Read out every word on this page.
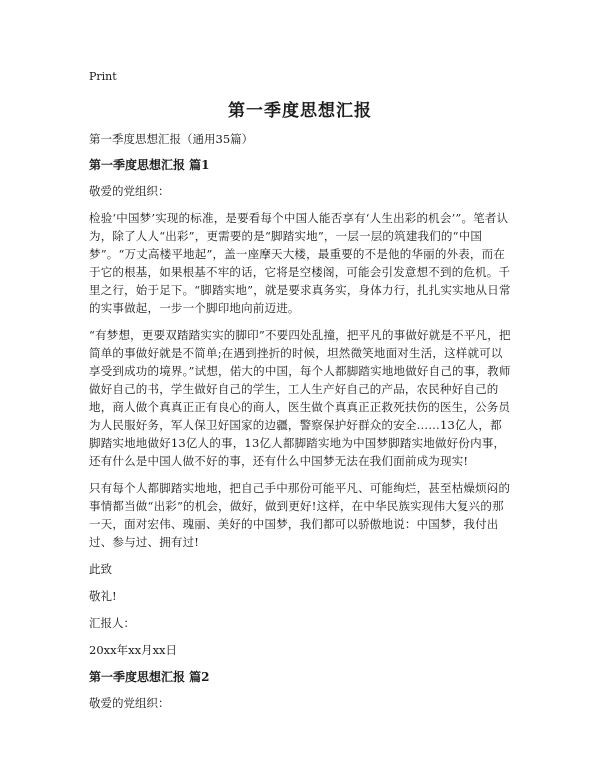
Print
第一季度思想汇报

第一季度思想汇报（通用35篇）

第一季度思想汇报 篇1

敬爱的党组织：

检验‘中国梦’实现的标准，是要看每个中国人能否享有‘人生出彩的机会’”。笔者认为，除了人人“出彩”，更需要的是“脚踏实地”，一层一层的筑建我们的“中国梦”。“万丈高楼平地起”，盖一座摩天大楼，最重要的不是他的华丽的外表，而在于它的根基，如果根基不牢的话，它将是空楼阁，可能会引发意想不到的危机。千里之行，始于足下。“脚踏实地”，就是要求真务实，身体力行，扎扎实实地从日常的实事做起，一步一个脚印地向前迈进。

“有梦想，更要双踏踏实实的脚印”不要四处乱撞，把平凡的事做好就是不平凡，把简单的事做好就是不简单;在遇到挫折的时候，坦然微笑地面对生活，这样就可以享受到成功的境界。”试想，偌大的中国，每个人都脚踏实地地做好自己的事，教师做好自己的书，学生做好自己的学生，工人生产好自己的产品，农民种好自己的地，商人做个真真正正有良心的商人，医生做个真真正正救死扶伤的医生，公务员为人民服好务，军人保卫好国家的边疆，警察保护好群众的安全……13亿人，都脚踏实地地做好13亿人的事，13亿人都脚踏实地为中国梦脚踏实地做好份内事，还有什么是中国人做不好的事，还有什么中国梦无法在我们面前成为现实!

只有每个人都脚踏实地地，把自己手中那份可能平凡、可能绚烂，甚至枯燥烦闷的事情都当做“出彩”的机会，做好，做到更好!这样，在中华民族实现伟大复兴的那一天，面对宏伟、瑰丽、美好的中国梦，我们都可以骄傲地说：中国梦，我付出过、参与过、拥有过!

此致

敬礼!

汇报人：

20xx年xx月xx日

第一季度思想汇报 篇2

敬爱的党组织：
